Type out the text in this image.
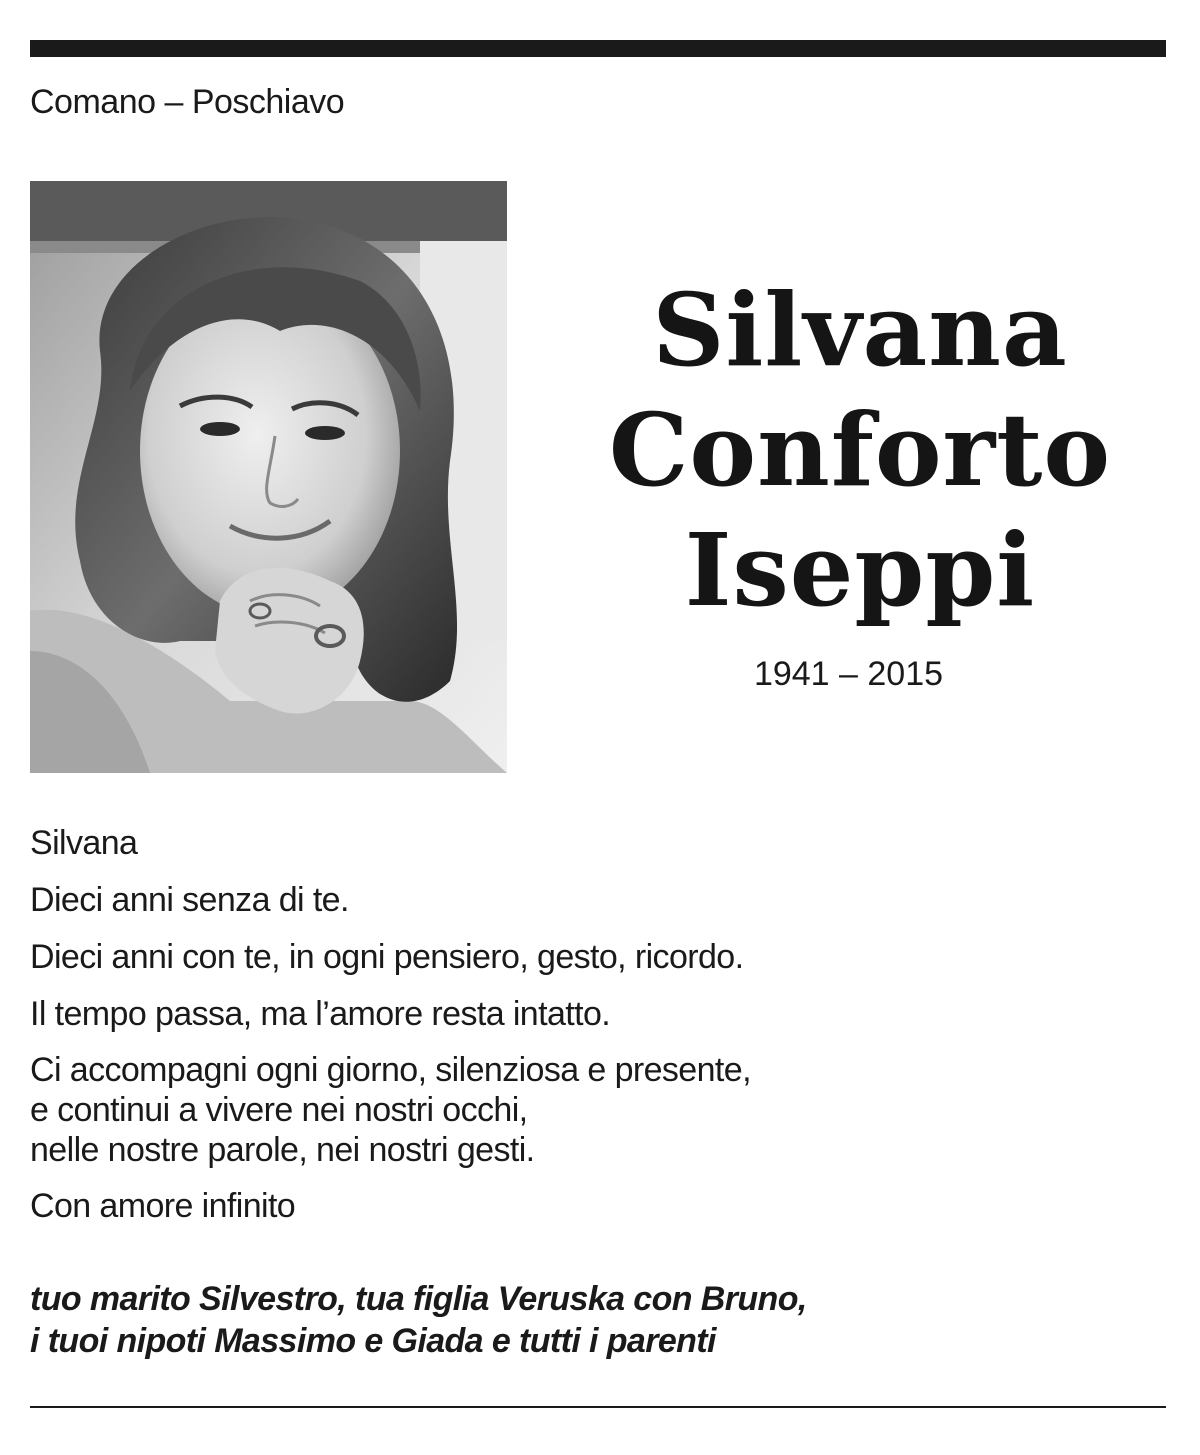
Comano – Poschiavo
Silvana
Conforto
Iseppi
1941 – 2015
Silvana
Dieci anni senza di te.
Dieci anni con te, in ogni pensiero, gesto, ricordo.
Il tempo passa, ma l’amore resta intatto.
Ci accompagni ogni giorno, silenziosa e presente,
e continui a vivere nei nostri occhi,
nelle nostre parole, nei nostri gesti.
Con amore infinito
tuo marito Silvestro, tua figlia Veruska con Bruno,
i tuoi nipoti Massimo e Giada e tutti i parenti
